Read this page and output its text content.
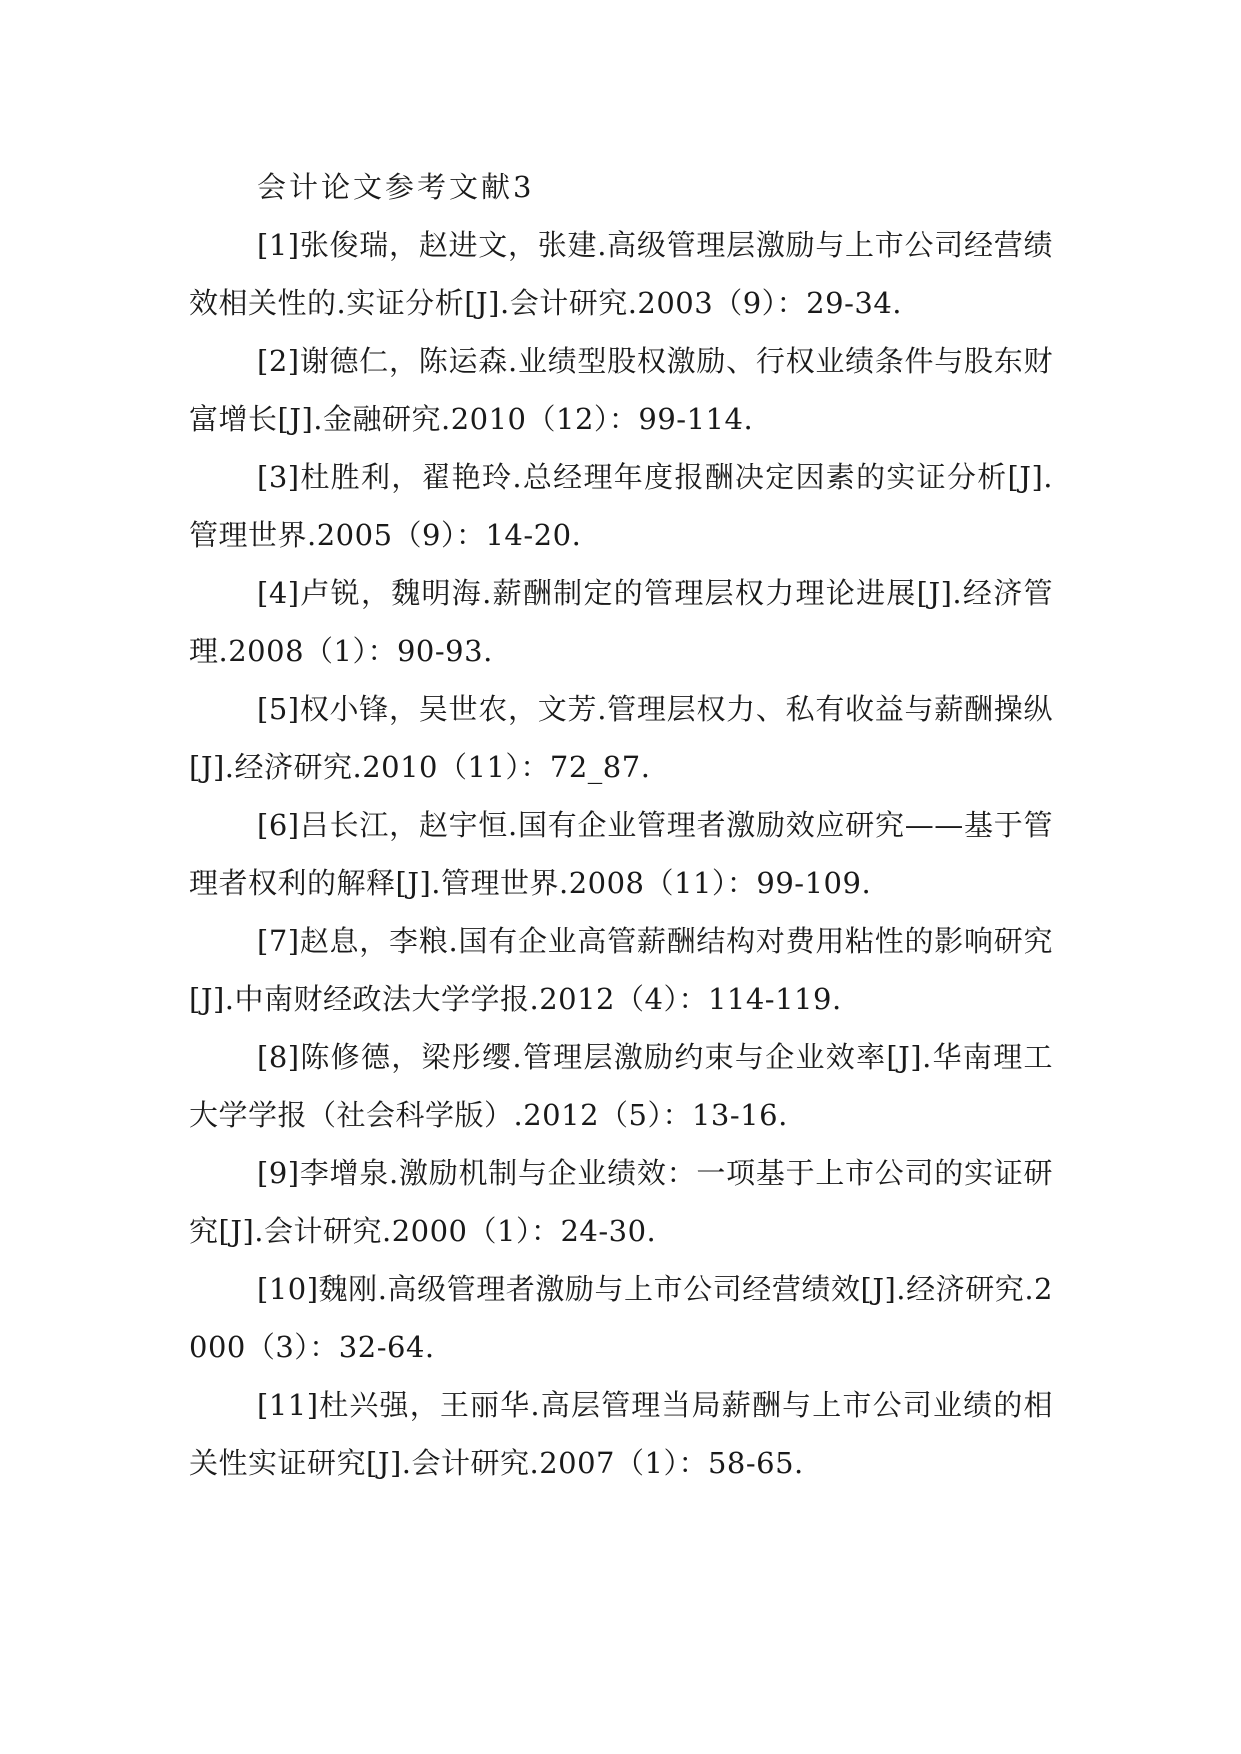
会计论文参考文献3

[1]张俊瑞，赵进文，张建.高级管理层激励与上市公司经营绩效相关性的.实证分析[J].会计研究.2003（9）：29-34.

[2]谢德仁，陈运森.业绩型股权激励、行权业绩条件与股东财富增长[J].金融研究.2010（12）：99-114.

[3]杜胜利，翟艳玲.总经理年度报酬决定因素的实证分析[J].管理世界.2005（9）：14-20.

[4]卢锐，魏明海.薪酬制定的管理层权力理论进展[J].经济管理.2008（1）：90-93.

[5]权小锋，吴世农，文芳.管理层权力、私有收益与薪酬操纵[J].经济研究.2010（11）：72_87.

[6]吕长江，赵宇恒.国有企业管理者激励效应研究——基于管理者权利的解释[J].管理世界.2008（11）：99-109.

[7]赵息，李粮.国有企业高管薪酬结构对费用粘性的影响研究[J].中南财经政法大学学报.2012（4）：114-119.

[8]陈修德，梁彤缨.管理层激励约束与企业效率[J].华南理工大学学报（社会科学版）.2012（5）：13-16.

[9]李增泉.激励机制与企业绩效：一项基于上市公司的实证研究[J].会计研究.2000（1）：24-30.

[10]魏刚.高级管理者激励与上市公司经营绩效[J].经济研究.2000（3）：32-64.

[11]杜兴强，王丽华.高层管理当局薪酬与上市公司业绩的相关性实证研究[J].会计研究.2007（1）：58-65.
